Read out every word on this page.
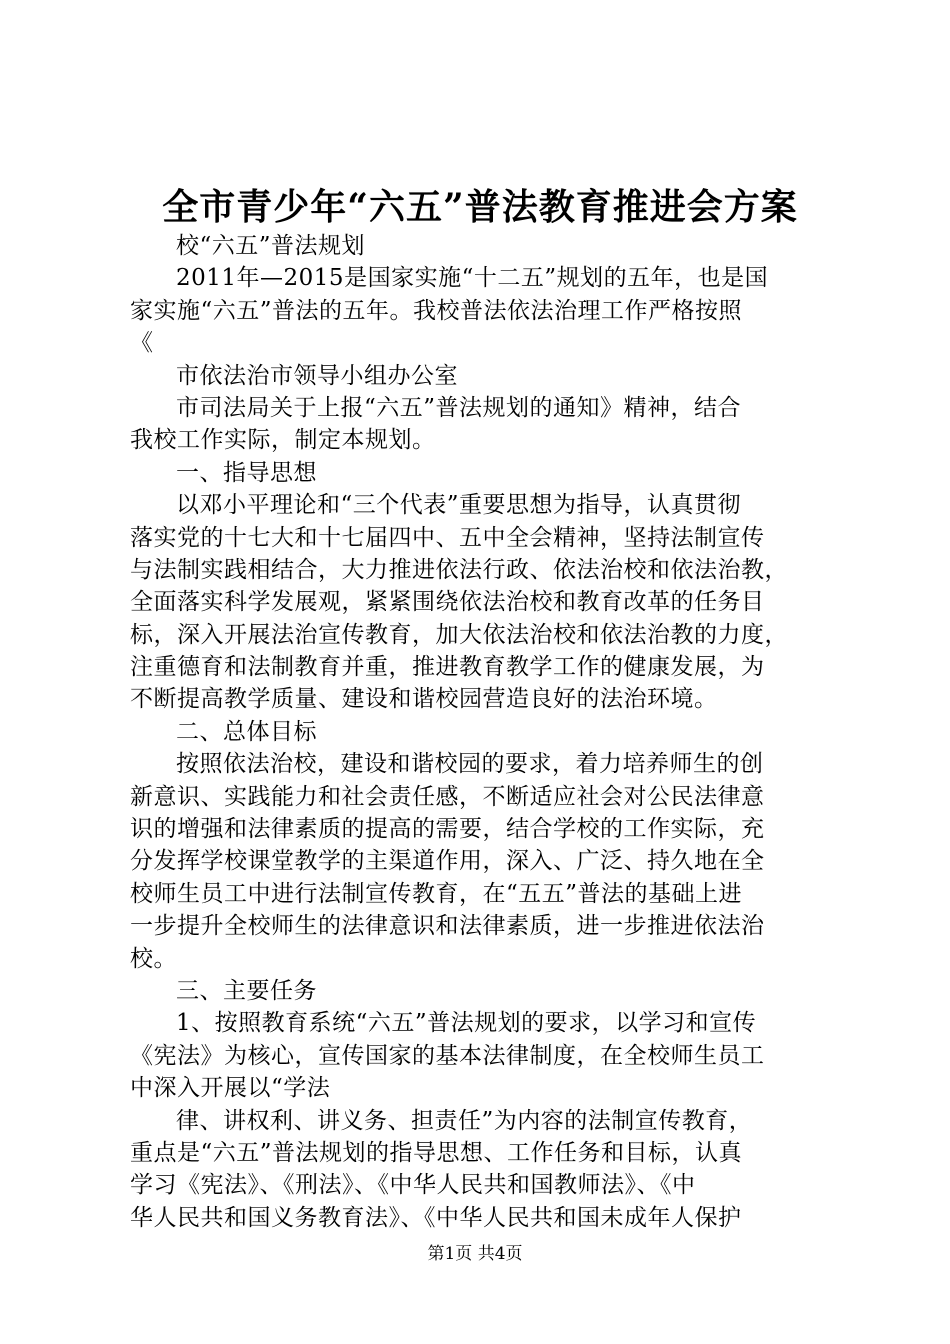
全市青少年“六五”普法教育推进会方案
校“六五”普法规划
2011年—2015是国家实施“十二五”规划的五年，也是国
家实施“六五”普法的五年。我校普法依法治理工作严格按照
《
市依法治市领导小组办公室
市司法局关于上报“六五”普法规划的通知》精神，结合
我校工作实际，制定本规划。
一、指导思想
以邓小平理论和“三个代表”重要思想为指导，认真贯彻
落实党的十七大和十七届四中、五中全会精神，坚持法制宣传
与法制实践相结合，大力推进依法行政、依法治校和依法治教，
全面落实科学发展观，紧紧围绕依法治校和教育改革的任务目
标，深入开展法治宣传教育，加大依法治校和依法治教的力度，
注重德育和法制教育并重，推进教育教学工作的健康发展，为
不断提高教学质量、建设和谐校园营造良好的法治环境。
二、总体目标
按照依法治校，建设和谐校园的要求，着力培养师生的创
新意识、实践能力和社会责任感，不断适应社会对公民法律意
识的增强和法律素质的提高的需要，结合学校的工作实际，充
分发挥学校课堂教学的主渠道作用，深入、广泛、持久地在全
校师生员工中进行法制宣传教育，在“五五”普法的基础上进
一步提升全校师生的法律意识和法律素质，进一步推进依法治
校。
三、主要任务
1、按照教育系统“六五”普法规划的要求，以学习和宣传
《宪法》为核心，宣传国家的基本法律制度，在全校师生员工
中深入开展以“学法
律、讲权利、讲义务、担责任”为内容的法制宣传教育，
重点是“六五”普法规划的指导思想、工作任务和目标，认真
学习《宪法》、《刑法》、《中华人民共和国教师法》、《中
华人民共和国义务教育法》、《中华人民共和国未成年人保护
第1页 共4页
